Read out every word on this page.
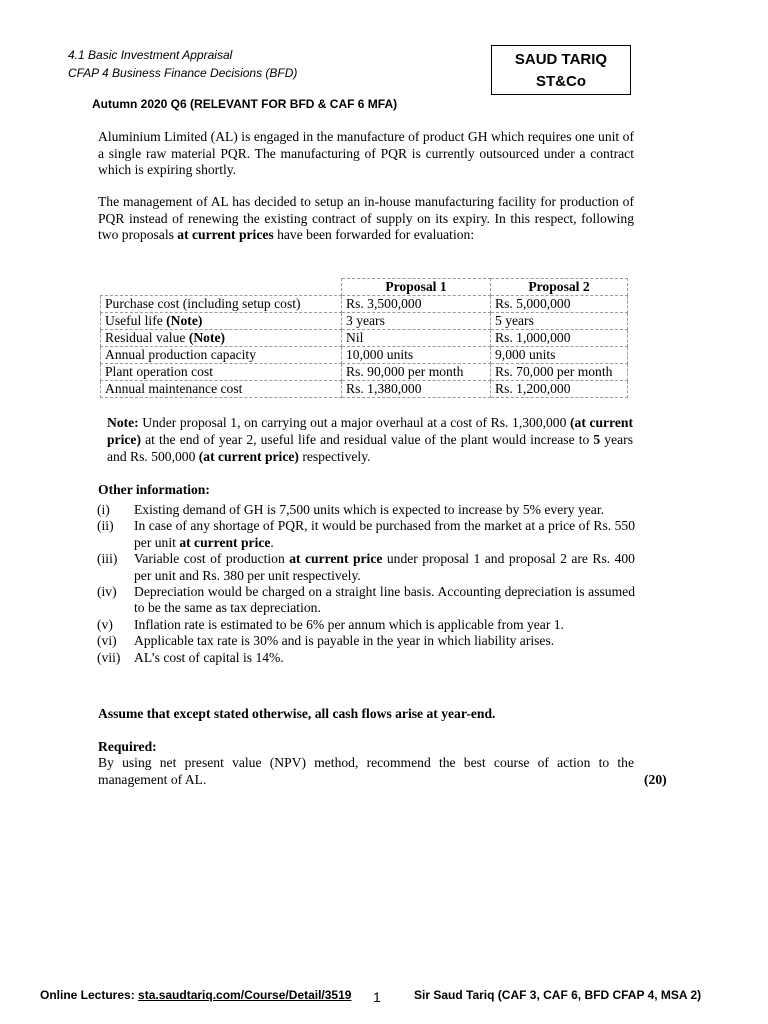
4.1 Basic Investment Appraisal
CFAP 4 Business Finance Decisions (BFD)
SAUD TARIQ
ST&Co
Autumn 2020 Q6 (RELEVANT FOR BFD & CAF 6 MFA)
Aluminium Limited (AL) is engaged in the manufacture of product GH which requires one unit of a single raw material PQR. The manufacturing of PQR is currently outsourced under a contract which is expiring shortly.
The management of AL has decided to setup an in-house manufacturing facility for production of PQR instead of renewing the existing contract of supply on its expiry. In this respect, following two proposals at current prices have been forwarded for evaluation:
	Proposal 1	Proposal 2
Purchase cost (including setup cost)	Rs. 3,500,000	Rs. 5,000,000
Useful life (Note)	3 years	5 years
Residual value (Note)	Nil	Rs. 1,000,000
Annual production capacity	10,000 units	9,000 units
Plant operation cost	Rs. 90,000 per month	Rs. 70,000 per month
Annual maintenance cost	Rs. 1,380,000	Rs. 1,200,000
Note: Under proposal 1, on carrying out a major overhaul at a cost of Rs. 1,300,000 (at current price) at the end of year 2, useful life and residual value of the plant would increase to 5 years and Rs. 500,000 (at current price) respectively.
Other information:
(i)	Existing demand of GH is 7,500 units which is expected to increase by 5% every year.
(ii)	In case of any shortage of PQR, it would be purchased from the market at a price of Rs. 550 per unit at current price.
(iii)	Variable cost of production at current price under proposal 1 and proposal 2 are Rs. 400 per unit and Rs. 380 per unit respectively.
(iv)	Depreciation would be charged on a straight line basis. Accounting depreciation is assumed to be the same as tax depreciation.
(v)	Inflation rate is estimated to be 6% per annum which is applicable from year 1.
(vi)	Applicable tax rate is 30% and is payable in the year in which liability arises.
(vii) AL’s cost of capital is 14%.
Assume that except stated otherwise, all cash flows arise at year-end.
Required:
By using net present value (NPV) method, recommend the best course of action to the management of AL.	(20)
Online Lectures: sta.saudtariq.com/Course/Detail/3519 1	Sir Saud Tariq (CAF 3, CAF 6, BFD CFAP 4, MSA 2)
